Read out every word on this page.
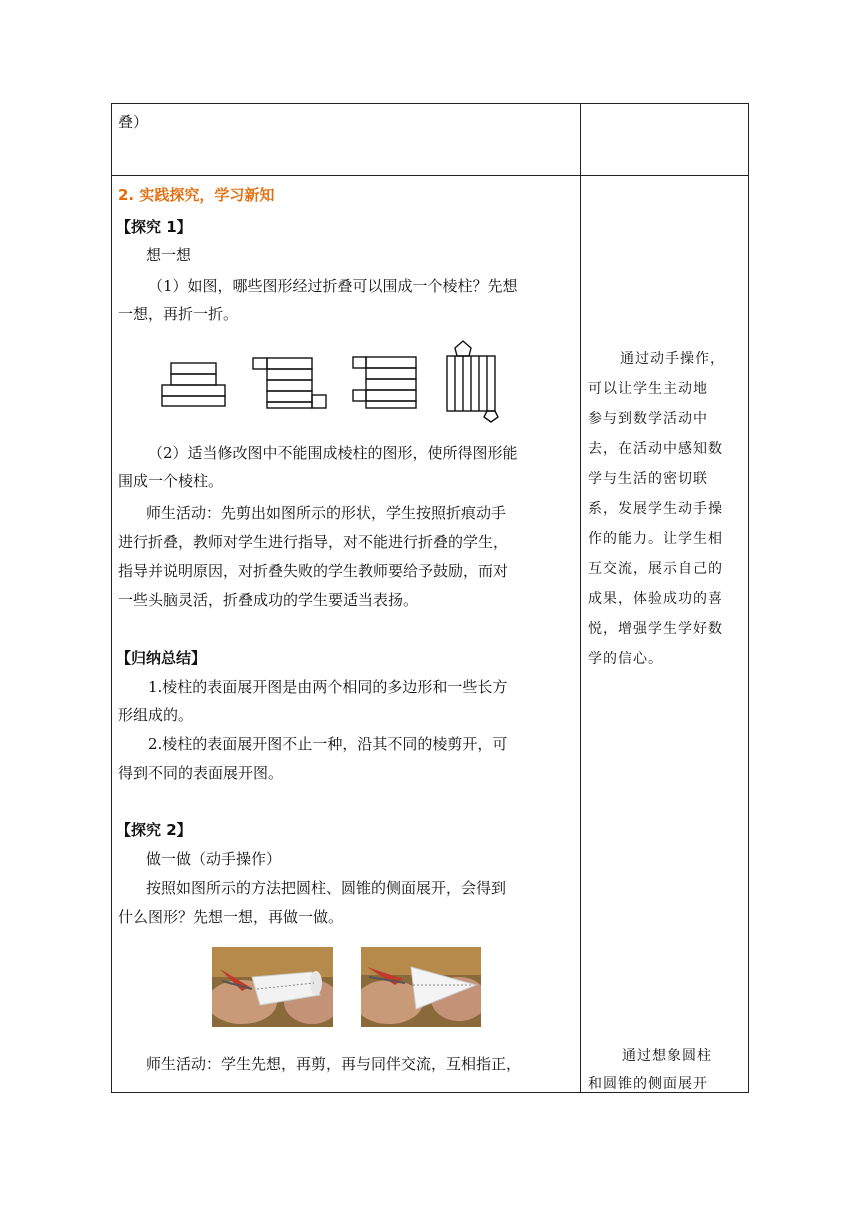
叠）
2. 实践探究，学习新知
【探究 1】
想一想
（1）如图，哪些图形经过折叠可以围成一个棱柱？先想
一想，再折一折。
（2）适当修改图中不能围成棱柱的图形，使所得图形能
围成一个棱柱。
师生活动：先剪出如图所示的形状，学生按照折痕动手
进行折叠，教师对学生进行指导，对不能进行折叠的学生，
指导并说明原因，对折叠失败的学生教师要给予鼓励，而对
一些头脑灵活，折叠成功的学生要适当表扬。
【归纳总结】
1.棱柱的表面展开图是由两个相同的多边形和一些长方
形组成的。
2.棱柱的表面展开图不止一种，沿其不同的棱剪开，可
得到不同的表面展开图。
【探究 2】
做一做（动手操作）
按照如图所示的方法把圆柱、圆锥的侧面展开，会得到
什么图形？先想一想，再做一做。
师生活动：学生先想，再剪，再与同伴交流，互相指正，
通过动手操作，
可以让学生主动地
参与到数学活动中
去，在活动中感知数
学与生活的密切联
系，发展学生动手操
作的能力。让学生相
互交流，展示自己的
成果，体验成功的喜
悦，增强学生学好数
学的信心。
通过想象圆柱
和圆锥的侧面展开
